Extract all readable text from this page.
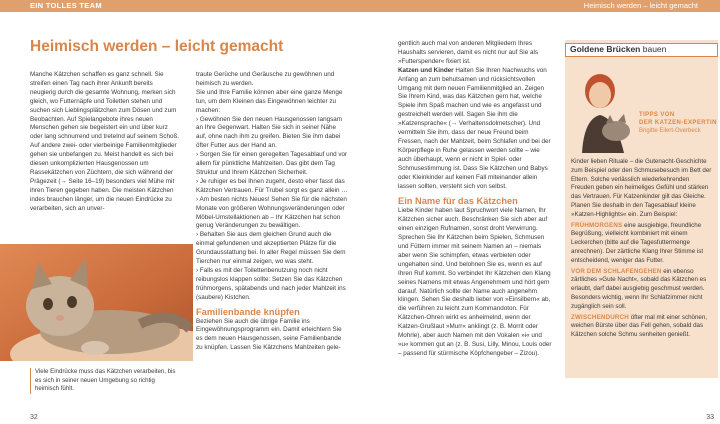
EIN TOLLES TEAM	Heimisch werden – leicht gemacht
Heimisch werden – leicht gemacht

Manche Kätzchen schaffen es ganz schnell. Sie streifen einen Tag nach ihrer Ankunft bereits neugierig durch die gesamte Wohnung, merken sich gleich, wo Futternäpfe und Toiletten stehen und suchen sich Lieblingsplätzchen zum Dösen und zum Beobachten. Auf Spielangebote ihres neuen Menschen gehen sie begeistert ein und über kurz oder lang schnurrend und treteInd auf seinem Schoß. Auf andere zwei- oder vierbeinige Familienmitglieder gehen sie unbefangen zu. Meist handelt es sich bei diesen unkomplizierten Hausgenossen um Rassekätzchen von Züchtern, die sich während der Prägezeit (→ Seite 16–19) besonders viel Mühe mit ihren Tieren gegeben haben. Die meisten Kätzchen indes brauchen länger, um die neuen Eindrücke zu verarbeiten, sich an unver-

Viele Eindrücke muss das Kätzchen verarbeiten, bis es sich in seiner neuen Umgebung so richtig heimisch fühlt.

traute Gerüche und Geräusche zu gewöhnen und heimisch zu werden.

Sie und Ihre Familie können aber eine ganze Menge tun, um dem Kleinen das Eingewöhnen leichter zu machen:

› Gewöhnen Sie den neuen Hausgenossen langsam an Ihre Gegenwart. Halten Sie sich in seiner Nähe auf, ohne nach ihm zu greifen. Bieten Sie ihm dabei öfter Futter aus der Hand an.

› Sorgen Sie für einen geregelten Tagesablauf und vor allem für pünktliche Mahlzeiten. Das gibt dem Tag Struktur und Ihrem Kätzchen Sicherheit.

› Je ruhiger es bei Ihnen zugeht, desto eher fasst das Kätzchen Vertrauen. Für Trubel sorgt es ganz allein …

› Am besten nichts Neues! Sehen Sie für die nächsten Monate von größeren Wohnungsveränderungen oder Möbel-Umstellaktionen ab – Ihr Kätzchen hat schon genug Veränderungen zu bewältigen.

› Behalten Sie aus dem gleichen Grund auch die einmal gefundenen und akzeptierten Plätze für die Grundausstattung bei. In aller Regel müssen Sie dem Tierchen nur einmal zeigen, wo was steht.

› Falls es mit der Toilettenbenutzung noch nicht reibungslos klappen sollte: Setzen Sie das Kätzchen frühmorgens, spätabends und nach jeder Mahlzeit ins (saubere) Kistchen.

Familienbande knüpfen

Beziehen Sie auch die übrige Familie ins Eingewöhnungsprogramm ein. Damit erleichtern Sie es dem neuen Hausgenossen, seine Familienbande zu knüpfen. Lassen Sie Kätzchens Mahlzeiten gele-

32

gentlich auch mal von anderen Mitgliedern Ihres Haushalts servieren, damit es nicht nur auf Sie als »Futterspender« fixiert ist.

Katzen und Kinder Halten Sie Ihren Nachwuchs von Anfang an zum behutsamen und rücksichtsvollen Umgang mit dem neuen Familienmitglied an. Zeigen Sie Ihrem Kind, was das Kätzchen gern hat, welche Spiele ihm Spaß machen und wie es angefasst und gestreichelt werden will. Sagen Sie ihm die »Katzensprache« (→ Verhaltensdolmetscher). Und vermitteln Sie ihm, dass der neue Freund beim Fressen, nach der Mahlzeit, beim Schlafen und bei der Körperpflege in Ruhe gelassen werden sollte – wie auch überhaupt, wenn er nicht in Spiel- oder Schmusestimmung ist. Dass Sie Kätzchen und Babys oder Kleinkinder auf keinen Fall miteinander allein lassen sollten, versteht sich von selbst.

Ein Name für das Kätzchen

Liebe Kinder haben laut Spruchwort viele Namen, Ihr Kätzchen sicher auch. Beschränken Sie sich aber auf einen einzigen Rufnamen, sonst droht Verwirrung. Sprechen Sie Ihr Kätzchen beim Spielen, Schmusen und Füttern immer mit seinem Namen an – niemals aber wenn Sie schimpfen, etwas verbieten oder ungehalten sind. Und belohnen Sie es, wenn es auf Ihren Ruf kommt. So verbindet Ihr Kätzchen den Klang seines Namens mit etwas Angenehmem und hört gern darauf. Natürlich sollte der Name auch angenehm klingen. Sehen Sie deshalb lieber von »Einsilbern« ab, die verführen zu leicht zum Kommandoton. Für Kätzchen-Ohren wirkt es anheimelnd, wenn der Katzen-Grußlaut »Murr« anklingt (z. B. Morrit oder Mohrle), aber auch Namen mit den Vokalen »i« und »u« kommen gut an (z. B. Susi, Lilly, Minou, Louis oder – passend für stürmische Köpfchengeber – Zizou).

Goldene Brücken bauen
TIPPS VON
DER KATZEN-EXPERTIN
Brigitte Eilert-Overbeck

Kinder lieben Rituale – die Gutenacht-Geschichte zum Beispiel oder den Schmusebesuch im Bett der Eltern. Solche verlässlich wiederkehrenden Freuden geben ein heimeliges Gefühl und stärken das Vertrauen. Für Katzenkinder gilt das Gleiche. Planen Sie deshalb in den Tagesablauf kleine »Katzen-Highlights« ein. Zum Beispiel:

FRÜHMORGENS eine ausgiebige, freundliche Begrüßung, vielleicht kombiniert mit einem Leckerchen (bitte auf die Tagesfuttermenge anrechnen). Der zärtliche Klang Ihrer Stimme ist entscheidend, weniger das Futter.

VOR DEM SCHLAFENGEHEN ein ebenso zärtliches »Gute Nacht«, sobald das Kätzchen es erlaubt, darf dabei ausgiebig geschmust werden. Besonders wichtig, wenn Ihr Schlafzimmer nicht zugänglich sein soll.

ZWISCHENDURCH öfter mal mit einer schönen, weichen Bürste über das Fell gehen, sobald das Kätzchen solche Schmu senheiten genießt.

33
